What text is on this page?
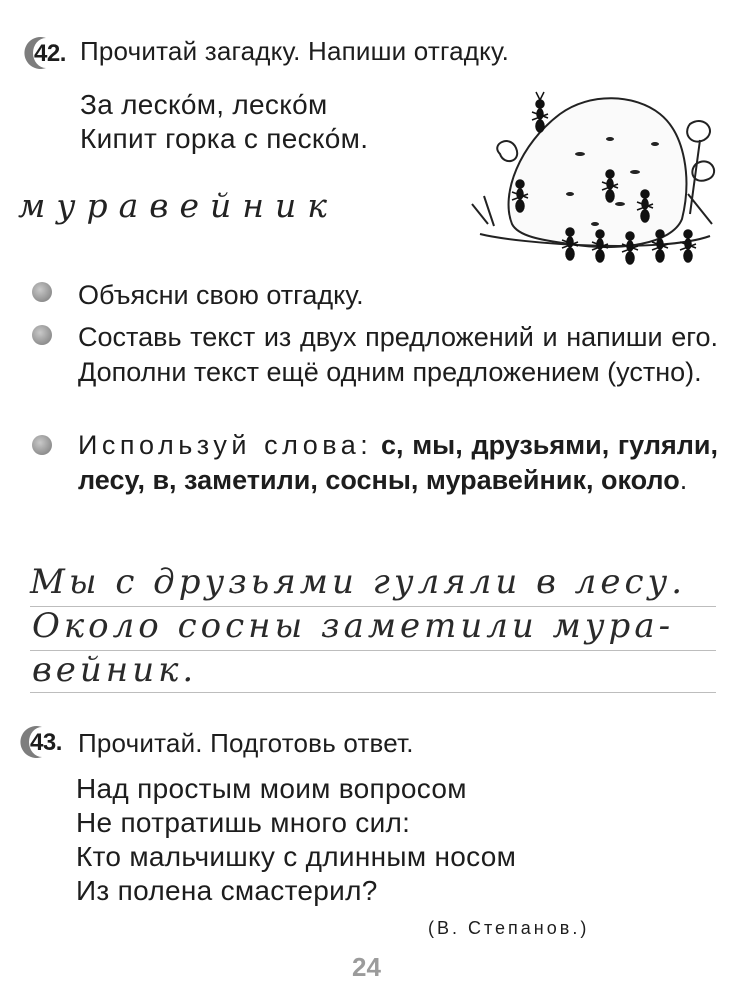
42. Прочитай загадку. Напиши отгадку.
За леско́м, леско́м
Кипит горка с песко́м.
муравейник
Объясни свою отгадку.
Составь текст из двух предложений и напиши его. Дополни текст ещё одним предложением (устно).
Используй слова: с, мы, друзьями, гуляли, лесу, в, заметили, сосны, муравейник, около.
Мы с друзьями гуляли в лесу.
Около сосны заметили мура-
вейник.
43. Прочитай. Подготовь ответ.
Над простым моим вопросом
Не потратишь много сил:
Кто мальчишку с длинным носом
Из полена смастерил?
(В. Степанов.)
24
